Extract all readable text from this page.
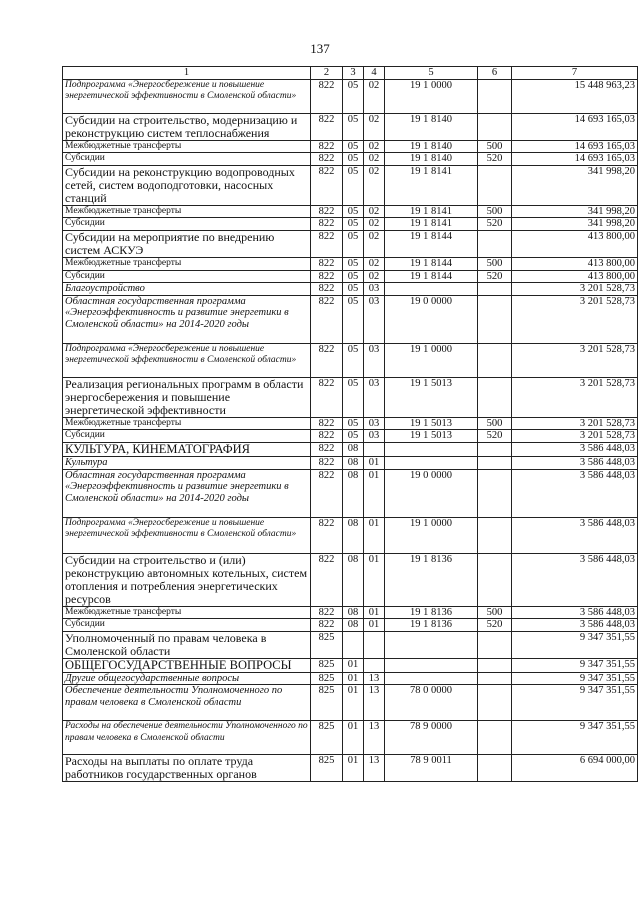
137
1	2	3	4	5	6	7
Подпрограмма «Энергосбережение и повышение энергетической эффективности в Смоленской области»	822	05	02	19 1 0000		15 448 963,23
Субсидии на строительство, модернизацию и реконструкцию систем теплоснабжения	822	05	02	19 1 8140		14 693 165,03
Межбюджетные трансферты	822	05	02	19 1 8140	500	14 693 165,03
Субсидии	822	05	02	19 1 8140	520	14 693 165,03
Субсидии на реконструкцию водопроводных сетей, систем водоподготовки, насосных станций	822	05	02	19 1 8141		341 998,20
Межбюджетные трансферты	822	05	02	19 1 8141	500	341 998,20
Субсидии	822	05	02	19 1 8141	520	341 998,20
Субсидии на мероприятие по внедрению систем АСКУЭ	822	05	02	19 1 8144		413 800,00
Межбюджетные трансферты	822	05	02	19 1 8144	500	413 800,00
Субсидии	822	05	02	19 1 8144	520	413 800,00
Благоустройство	822	05	03			3 201 528,73
Областная государственная программа «Энергоэффективность и развитие энергетики в Смоленской области» на 2014-2020 годы	822	05	03	19 0 0000		3 201 528,73
Подпрограмма «Энергосбережение и повышение энергетической эффективности в Смоленской области»	822	05	03	19 1 0000		3 201 528,73
Реализация региональных программ в области энергосбережения и повышение энергетической эффективности	822	05	03	19 1 5013		3 201 528,73
Межбюджетные трансферты	822	05	03	19 1 5013	500	3 201 528,73
Субсидии	822	05	03	19 1 5013	520	3 201 528,73
КУЛЬТУРА, КИНЕМАТОГРАФИЯ	822	08				3 586 448,03
Культура	822	08	01			3 586 448,03
Областная государственная программа «Энергоэффективность и развитие энергетики в Смоленской области» на 2014-2020 годы	822	08	01	19 0 0000		3 586 448,03
Подпрограмма «Энергосбережение и повышение энергетической эффективности в Смоленской области»	822	08	01	19 1 0000		3 586 448,03
Субсидии на строительство и (или) реконструкцию автономных котельных, систем отопления и потребления энергетических ресурсов	822	08	01	19 1 8136		3 586 448,03
Межбюджетные трансферты	822	08	01	19 1 8136	500	3 586 448,03
Субсидии	822	08	01	19 1 8136	520	3 586 448,03
Уполномоченный по правам человека в Смоленской области	825					9 347 351,55
ОБЩЕГОСУДАРСТВЕННЫЕ ВОПРОСЫ	825	01				9 347 351,55
Другие общегосударственные вопросы	825	01	13			9 347 351,55
Обеспечение деятельности Уполномоченного по правам человека в Смоленской области	825	01	13	78 0 0000		9 347 351,55
Расходы на обеспечение деятельности Уполномоченного по правам человека в Смоленской области	825	01	13	78 9 0000		9 347 351,55
Расходы на выплаты по оплате труда работников государственных органов	825	01	13	78 9 0011		6 694 000,00
